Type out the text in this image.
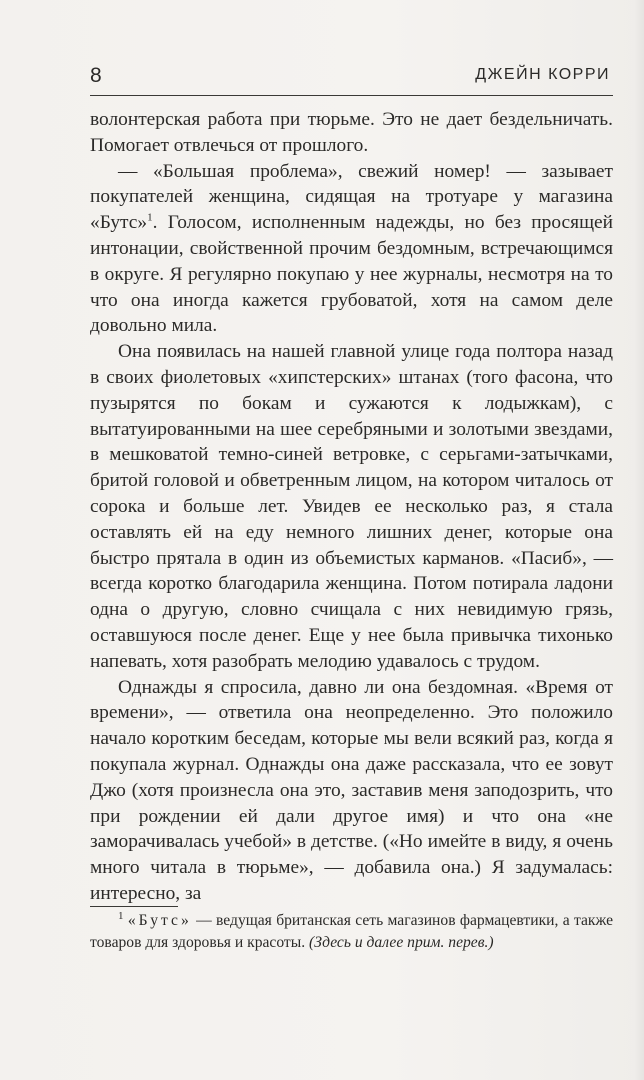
8	ДЖЕЙН КОРРИ

волонтерская работа при тюрьме. Это не дает бездельничать. Помогает отвлечься от прошлого.

— «Большая проблема», свежий номер! — зазывает покупателей женщина, сидящая на тротуаре у магазина «Бутс»$^1$. Голосом, исполненным надежды, но без просящей интонации, свойственной прочим бездомным, встречающимся в округе. Я регулярно покупаю у нее журналы, несмотря на то что она иногда кажется грубоватой, хотя на самом деле довольно мила.

Она появилась на нашей главной улице года полтора назад в своих фиолетовых «хипстерских» штанах (того фасона, что пузырятся по бокам и сужаются к лодыжкам), с вытатуированными на шее серебряными и золотыми звездами, в мешковатой темно-синей ветровке, с серьгами-затычками, бритой головой и обветренным лицом, на котором читалось от сорока и больше лет. Увидев ее несколько раз, я стала оставлять ей на еду немного лишних денег, которые она быстро прятала в один из объемистых карманов. «Пасиб», — всегда коротко благодарила женщина. Потом потирала ладони одна о другую, словно счищала с них невидимую грязь, оставшуюся после денег. Еще у нее была привычка тихонько напевать, хотя разобрать мелодию удавалось с трудом.

Однажды я спросила, давно ли она бездомная. «Время от времени», — ответила она неопределенно. Это положило начало коротким беседам, которые мы вели всякий раз, когда я покупала журнал. Однажды она даже рассказала, что ее зовут Джо (хотя произнесла она это, заставив меня заподозрить, что при рождении ей дали другое имя) и что она «не заморачивалась учебой» в детстве. («Но имейте в виду, я очень много читала в тюрьме», — добавила она.) Я задумалась: интересно, за

$^1$ «Бутс» — ведущая британская сеть магазинов фармацевтики, а также товаров для здоровья и красоты. (Здесь и далее прим. перев.)
